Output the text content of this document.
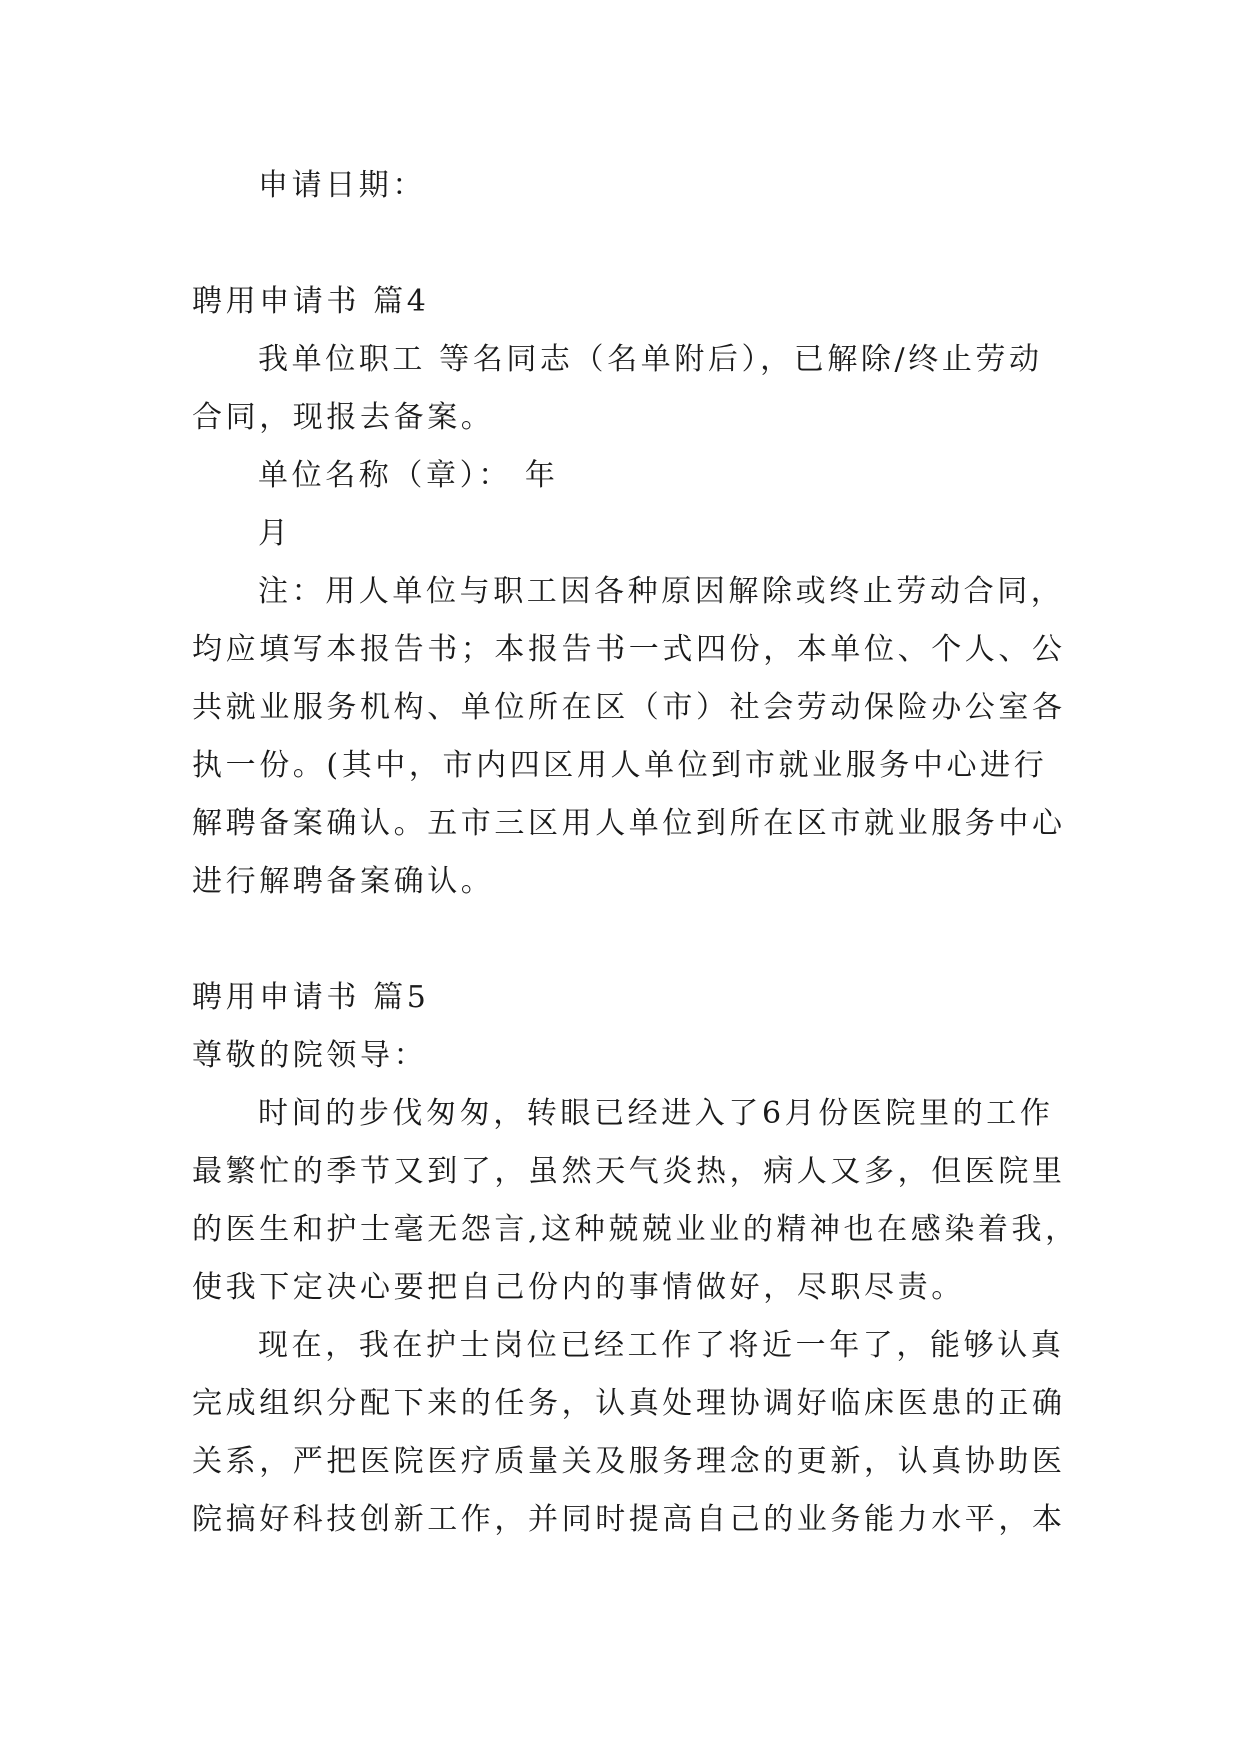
申请日期：
聘用申请书 篇4
我单位职工 等名同志（名单附后），已解除/终止劳动
合同，现报去备案。
单位名称（章）： 年
月
注：用人单位与职工因各种原因解除或终止劳动合同，
均应填写本报告书；本报告书一式四份，本单位、个人、公
共就业服务机构、单位所在区（市）社会劳动保险办公室各
执一份。(其中，市内四区用人单位到市就业服务中心进行
解聘备案确认。五市三区用人单位到所在区市就业服务中心
进行解聘备案确认。
聘用申请书 篇5
尊敬的院领导：
时间的步伐匆匆，转眼已经进入了6月份医院里的工作
最繁忙的季节又到了，虽然天气炎热，病人又多，但医院里
的医生和护士毫无怨言,这种兢兢业业的精神也在感染着我，
使我下定决心要把自己份内的事情做好，尽职尽责。
现在，我在护士岗位已经工作了将近一年了，能够认真
完成组织分配下来的任务，认真处理协调好临床医患的正确
关系，严把医院医疗质量关及服务理念的更新，认真协助医
院搞好科技创新工作，并同时提高自己的业务能力水平，本
